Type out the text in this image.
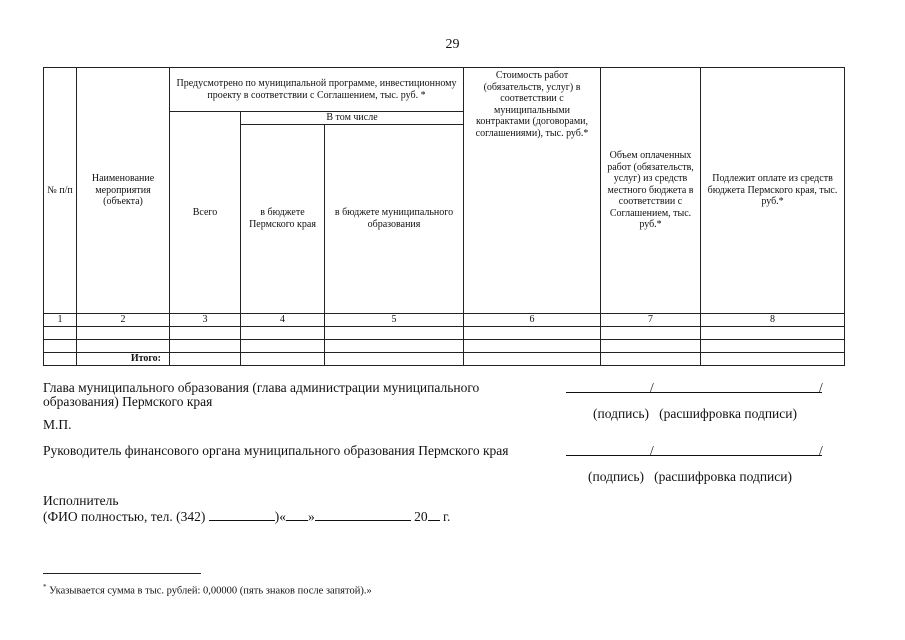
29
№ п/п	Наименование мероприятия (объекта)	Предусмотрено по муниципальной программе, инвестиционному проекту в соответствии с Соглашением, тыс. руб. *			Стоимость работ (обязательств, услуг) в соответствии с муниципальными контрактами (договорами, соглашениями), тыс. руб.*	Объем оплаченных работ (обязательств, услуг) из средств местного бюджета в соответствии с Соглашением, тыс. руб.*	Подлежит оплате из средств бюджета Пермского края, тыс. руб.*
		Всего	В том числе				
			в бюджете Пермского края	в бюджете муниципального образования			
1	2	3	4	5	6	7	8

	Итого:						
Глава муниципального образования (глава администрации муниципального образования) Пермского края
/	/
(подпись)   (расшифровка подписи)
М.П.
Руководитель финансового органа муниципального образования Пермского края	/	/
(подпись)   (расшифровка подписи)
Исполнитель
(ФИО полностью, тел. (342)	)« »	20 г.
* Указывается сумма в тыс. рублей: 0,00000 (пять знаков после запятой).»
